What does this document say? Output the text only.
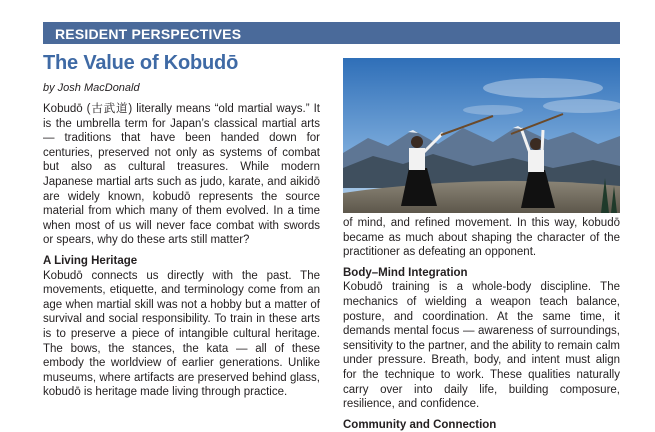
RESIDENT PERSPECTIVES
The Value of Kobudō
by Josh MacDonald

Kobudō (古武道) literally means “old martial ways.” It is the umbrella term for Japan’s classical martial arts — traditions that have been handed down for centuries, preserved not only as systems of combat but also as cultural treasures. While modern Japanese martial arts such as judo, karate, and aikidō are widely known, kobudō represents the source material from which many of them evolved. In a time when most of us will never face combat with swords or spears, why do these arts still matter?

A Living Heritage

Kobudō connects us directly with the past. The movements, etiquette, and terminology come from an age when martial skill was not a hobby but a matter of survival and social responsibility. To train in these arts is to preserve a piece of intangible cultural heritage. The bows, the stances, the kata — all of these embody the worldview of earlier generations. Unlike museums, where artifacts are preserved behind glass, kobudō is heritage made living through practice.

of mind, and refined movement. In this way, kobudō became as much about shaping the character of the practitioner as defeating an opponent.

Body–Mind Integration

Kobudō training is a whole-body discipline. The mechanics of wielding a weapon teach balance, posture, and coordination. At the same time, it demands mental focus — awareness of surroundings, sensitivity to the partner, and the ability to remain calm under pressure. Breath, body, and intent must align for the technique to work. These qualities naturally carry over into daily life, building composure, resilience, and confidence.

Community and Connection
